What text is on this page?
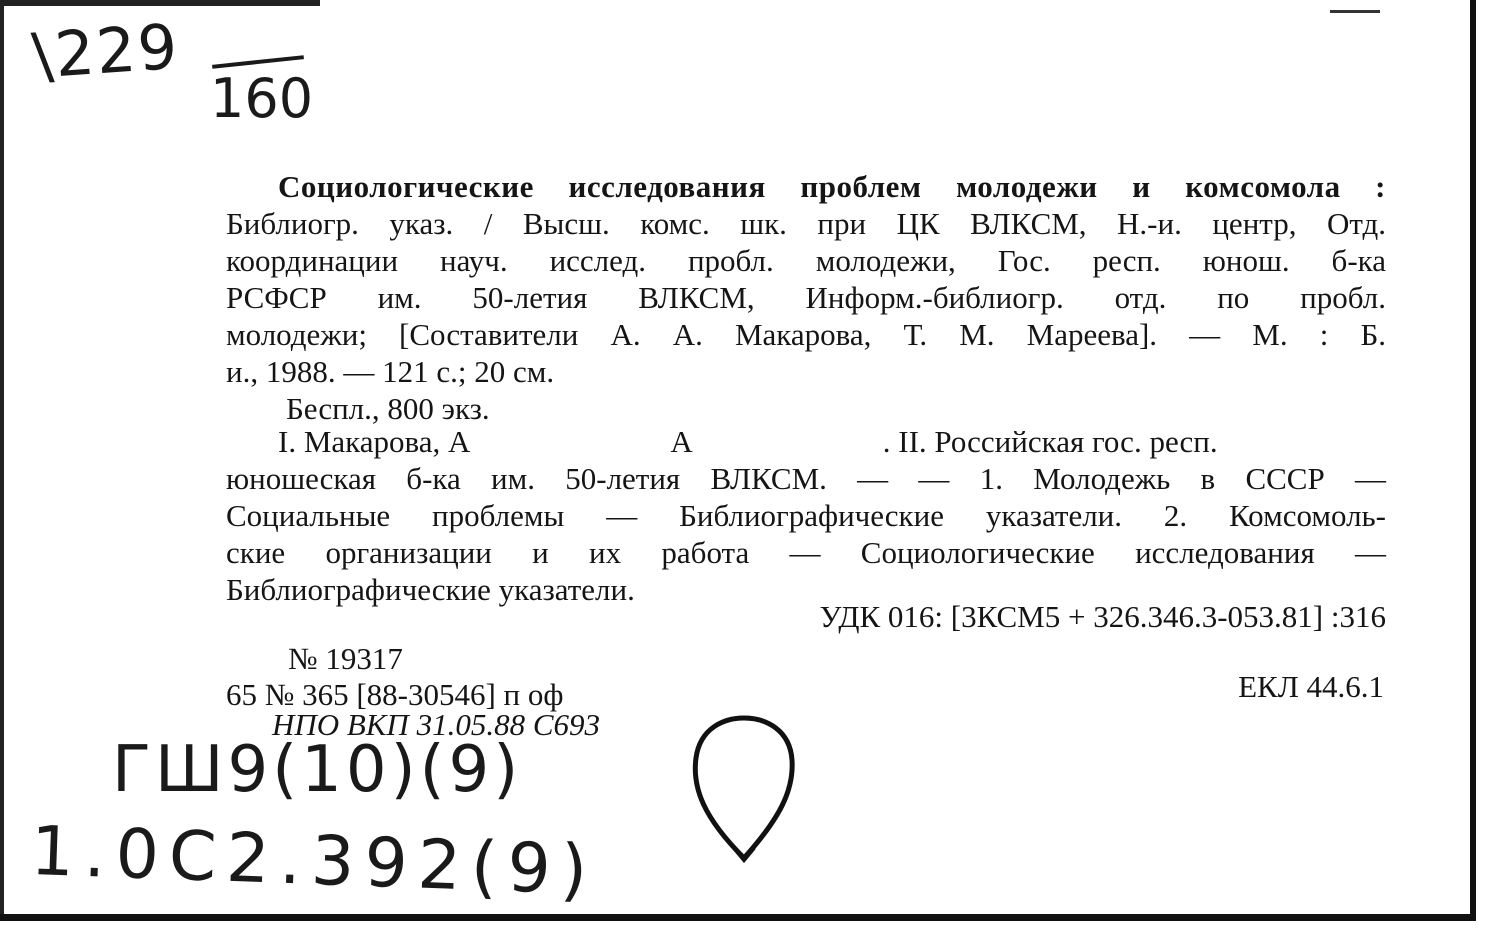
\229
160
Социологические исследования проблем молодежи и комсомола :
Библиогр. указ. / Высш. комс. шк. при ЦК ВЛКСМ, Н.-и. центр, Отд.
координации науч. исслед. пробл. молодежи, Гос. респ. юнош. б-ка
РСФСР им. 50-летия ВЛКСМ, Информ.-библиогр. отд. по пробл.
молодежи; [Составители А. А. Макарова, Т. М. Мареева]. — М. : Б.
и., 1988. — 121 с.; 20 см.
Беспл., 800 экз.
I. Макарова, А	А	. II. Российская гос. респ.
юношеская б-ка им. 50-летия ВЛКСМ. — — 1. Молодежь в СССР —
Социальные проблемы — Библиографические указатели. 2. Комсомоль-
ские организации и их работа — Социологические исследования —
Библиографические указатели.
УДК 016: [3КСМ5 + 326.346.3-053.81] :316
№ 19317
65 № 365 [88-30546] п оф	ЕКЛ 44.6.1
НПО ВКП 31.05.88 С693
ГШ9(10)(9)
1.0С2.392(9)
